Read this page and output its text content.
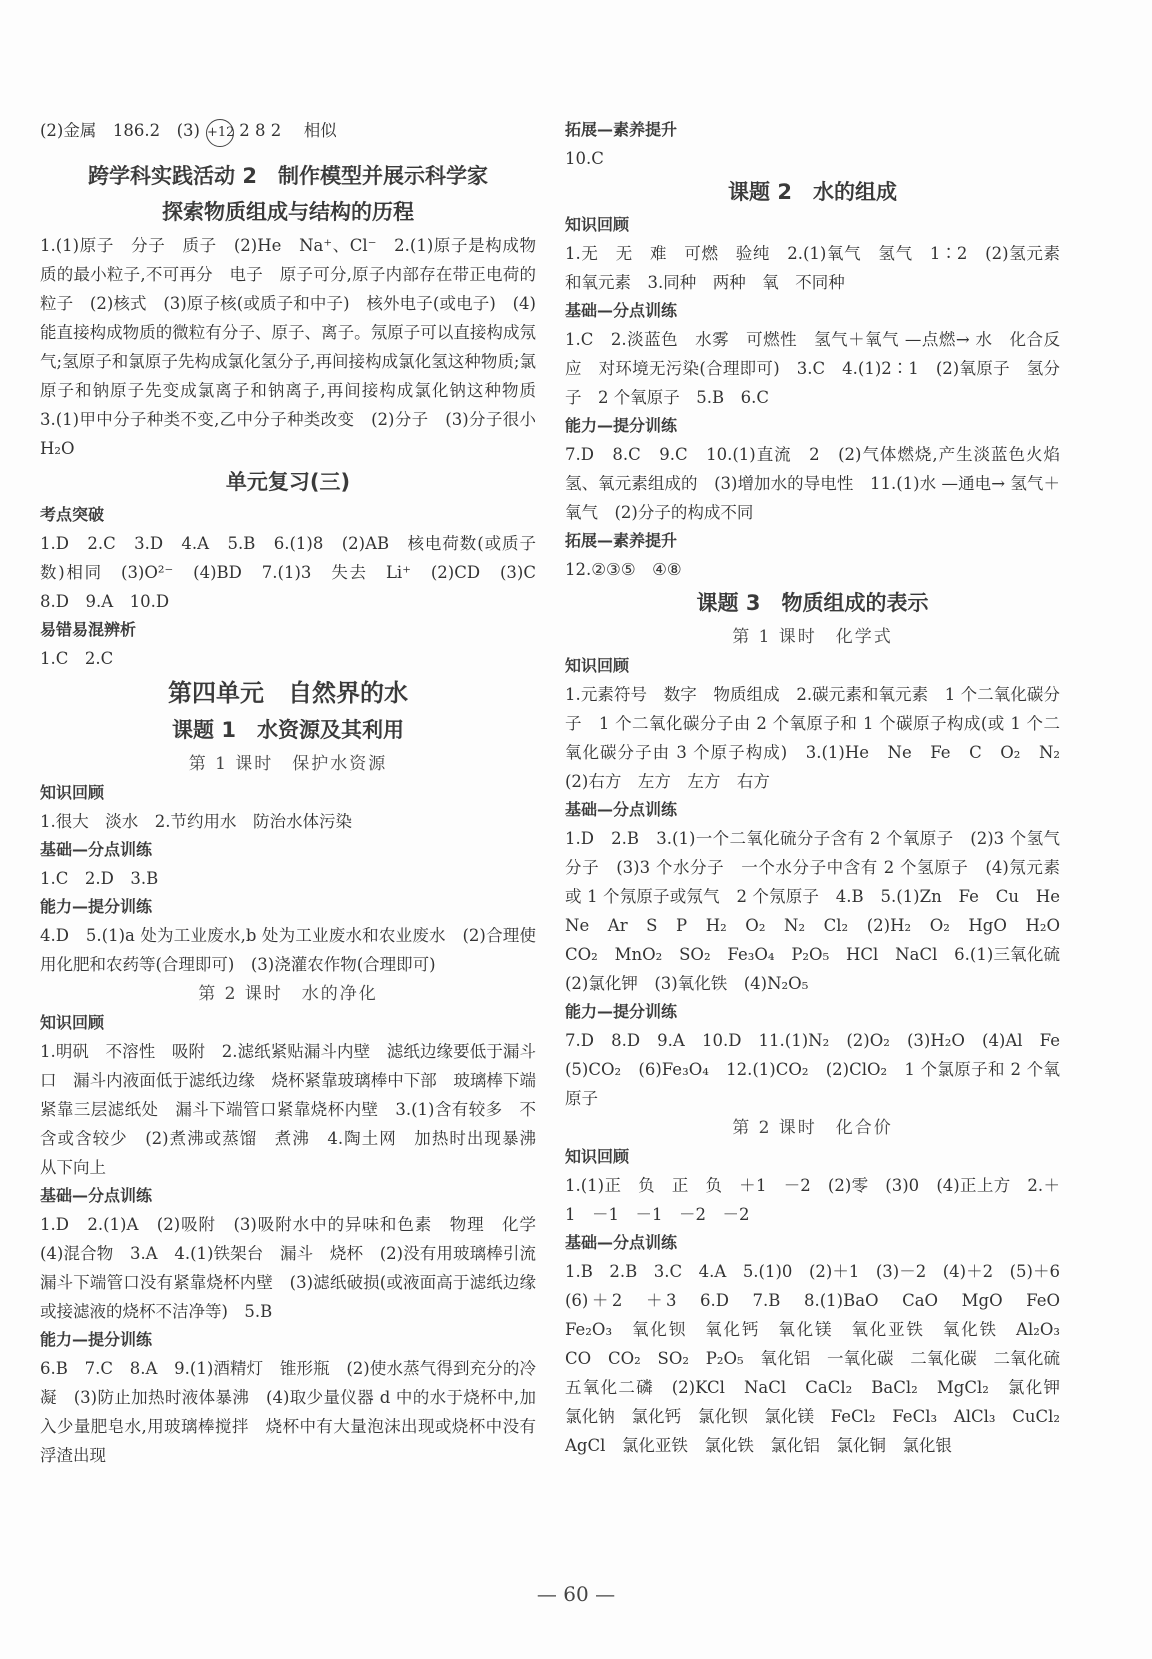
(2)金属　186.2　(3) +12 2 8 2　 相似

跨学科实践活动 2　制作模型并展示科学家
探索物质组成与结构的历程

1.(1)原子　分子　质子　(2)He　Na⁺、Cl⁻　2.(1)原子是构成物质的最小粒子,不可再分　电子　原子可分,原子内部存在带正电荷的粒子　(2)核式　(3)原子核(或质子和中子)　核外电子(或电子)　(4)能直接构成物质的微粒有分子、原子、离子。氖原子可以直接构成氖气;氢原子和氯原子先构成氯化氢分子,再间接构成氯化氢这种物质;氯原子和钠原子先变成氯离子和钠离子,再间接构成氯化钠这种物质　3.(1)甲中分子种类不变,乙中分子种类改变　(2)分子　(3)分子很小　H₂O

单元复习(三)
考点突破

1.D　2.C　3.D　4.A　5.B　6.(1)8　(2)AB　核电荷数(或质子数)相同　(3)O²⁻　(4)BD　7.(1)3　失去　Li⁺　(2)CD　(3)C　8.D　9.A　10.D

易错易混辨析

1.C　2.C

第四单元　自然界的水
课题 1　水资源及其利用
第 1 课时　保护水资源
知识回顾

1.很大　淡水　2.节约用水　防治水体污染

基础—分点训练

1.C　2.D　3.B

能力—提分训练

4.D　5.(1)a 处为工业废水,b 处为工业废水和农业废水　(2)合理使用化肥和农药等(合理即可)　(3)浇灌农作物(合理即可)

第 2 课时　水的净化
知识回顾

1.明矾　不溶性　吸附　2.滤纸紧贴漏斗内壁　滤纸边缘要低于漏斗口　漏斗内液面低于滤纸边缘　烧杯紧靠玻璃棒中下部　玻璃棒下端紧靠三层滤纸处　漏斗下端管口紧靠烧杯内壁　3.(1)含有较多　不含或含较少　(2)煮沸或蒸馏　煮沸　4.陶土网　加热时出现暴沸　从下向上

基础—分点训练

1.D　2.(1)A　(2)吸附　(3)吸附水中的异味和色素　物理　化学　(4)混合物　3.A　4.(1)铁架台　漏斗　烧杯　(2)没有用玻璃棒引流　漏斗下端管口没有紧靠烧杯内壁　(3)滤纸破损(或液面高于滤纸边缘或接滤液的烧杯不洁净等)　5.B

能力—提分训练

6.B　7.C　8.A　9.(1)酒精灯　锥形瓶　(2)使水蒸气得到充分的冷凝　(3)防止加热时液体暴沸　(4)取少量仪器 d 中的水于烧杯中,加入少量肥皂水,用玻璃棒搅拌　烧杯中有大量泡沫出现或烧杯中没有浮渣出现

拓展—素养提升

10.C

课题 2　水的组成
知识回顾

1.无　无　难　可燃　验纯　2.(1)氧气　氢气　1∶2　(2)氢元素和氧元素　3.同种　两种　氧　不同种

基础—分点训练

1.C　2.淡蓝色　水雾　可燃性　氢气＋氧气 —点燃→ 水　化合反应　对环境无污染(合理即可)　3.C　4.(1)2∶1　(2)氧原子　氢分子　2 个氧原子　5.B　6.C

能力—提分训练

7.D　8.C　9.C　10.(1)直流　2　(2)气体燃烧,产生淡蓝色火焰　氢、氧元素组成的　(3)增加水的导电性　11.(1)水 —通电→ 氢气＋氧气　(2)分子的构成不同

拓展—素养提升

12.②③⑤　④⑧

课题 3　物质组成的表示
第 1 课时　化学式
知识回顾

1.元素符号　数字　物质组成　2.碳元素和氧元素　1 个二氧化碳分子　1 个二氧化碳分子由 2 个氧原子和 1 个碳原子构成(或 1 个二氧化碳分子由 3 个原子构成)　3.(1)He　Ne　Fe　C　O₂　N₂　(2)右方　左方　左方　右方

基础—分点训练

1.D　2.B　3.(1)一个二氧化硫分子含有 2 个氧原子　(2)3 个氢气分子　(3)3 个水分子　一个水分子中含有 2 个氢原子　(4)氖元素或 1 个氖原子或氖气　2 个氖原子　4.B　5.(1)Zn　Fe　Cu　He　Ne　Ar　S　P　H₂　O₂　N₂　Cl₂　(2)H₂　O₂　HgO　H₂O　CO₂　MnO₂　SO₂　Fe₃O₄　P₂O₅　HCl　NaCl　6.(1)三氧化硫　(2)氯化钾　(3)氧化铁　(4)N₂O₅

能力—提分训练

7.D　8.D　9.A　10.D　11.(1)N₂　(2)O₂　(3)H₂O　(4)Al　Fe　(5)CO₂　(6)Fe₃O₄　12.(1)CO₂　(2)ClO₂　1 个氯原子和 2 个氧原子

第 2 课时　化合价
知识回顾

1.(1)正　负　正　负　＋1　－2　(2)零　(3)0　(4)正上方　2.＋1　－1　－1　－2　－2

基础—分点训练

1.B　2.B　3.C　4.A　5.(1)0　(2)＋1　(3)－2　(4)＋2　(5)＋6　(6)＋2　＋3　6.D　7.B　8.(1)BaO　CaO　MgO　FeO　Fe₂O₃　氧化钡　氧化钙　氧化镁　氧化亚铁　氧化铁　Al₂O₃　CO　CO₂　SO₂　P₂O₅　氧化铝　一氧化碳　二氧化碳　二氧化硫　五氧化二磷　(2)KCl　NaCl　CaCl₂　BaCl₂　MgCl₂　氯化钾　氯化钠　氯化钙　氯化钡　氯化镁　FeCl₂　FeCl₃　AlCl₃　CuCl₂　AgCl　氯化亚铁　氯化铁　氯化铝　氯化铜　氯化银

— 60 —
